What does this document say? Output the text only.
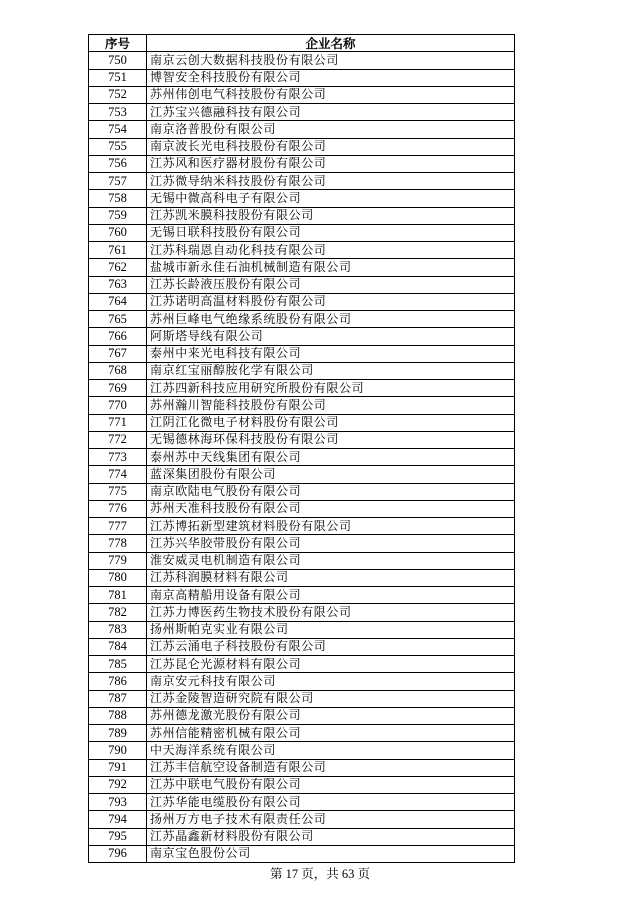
序号	企业名称
750	南京云创大数据科技股份有限公司
751	博智安全科技股份有限公司
752	苏州伟创电气科技股份有限公司
753	江苏宝兴德融科技有限公司
754	南京洛普股份有限公司
755	南京波长光电科技股份有限公司
756	江苏风和医疗器材股份有限公司
757	江苏微导纳米科技股份有限公司
758	无锡中微高科电子有限公司
759	江苏凯米膜科技股份有限公司
760	无锡日联科技股份有限公司
761	江苏科瑞恩自动化科技有限公司
762	盐城市新永佳石油机械制造有限公司
763	江苏长龄液压股份有限公司
764	江苏诺明高温材料股份有限公司
765	苏州巨峰电气绝缘系统股份有限公司
766	阿斯塔导线有限公司
767	泰州中来光电科技有限公司
768	南京红宝丽醇胺化学有限公司
769	江苏四新科技应用研究所股份有限公司
770	苏州瀚川智能科技股份有限公司
771	江阴江化微电子材料股份有限公司
772	无锡德林海环保科技股份有限公司
773	泰州苏中天线集团有限公司
774	蓝深集团股份有限公司
775	南京欧陆电气股份有限公司
776	苏州天准科技股份有限公司
777	江苏博拓新型建筑材料股份有限公司
778	江苏兴华胶带股份有限公司
779	淮安威灵电机制造有限公司
780	江苏科润膜材料有限公司
781	南京高精船用设备有限公司
782	江苏力博医药生物技术股份有限公司
783	扬州斯帕克实业有限公司
784	江苏云涌电子科技股份有限公司
785	江苏昆仑光源材料有限公司
786	南京安元科技有限公司
787	江苏金陵智造研究院有限公司
788	苏州德龙激光股份有限公司
789	苏州信能精密机械有限公司
790	中天海洋系统有限公司
791	江苏丰信航空设备制造有限公司
792	江苏中联电气股份有限公司
793	江苏华能电缆股份有限公司
794	扬州万方电子技术有限责任公司
795	江苏晶鑫新材料股份有限公司
796	南京宝色股份公司
第 17 页，共 63 页
